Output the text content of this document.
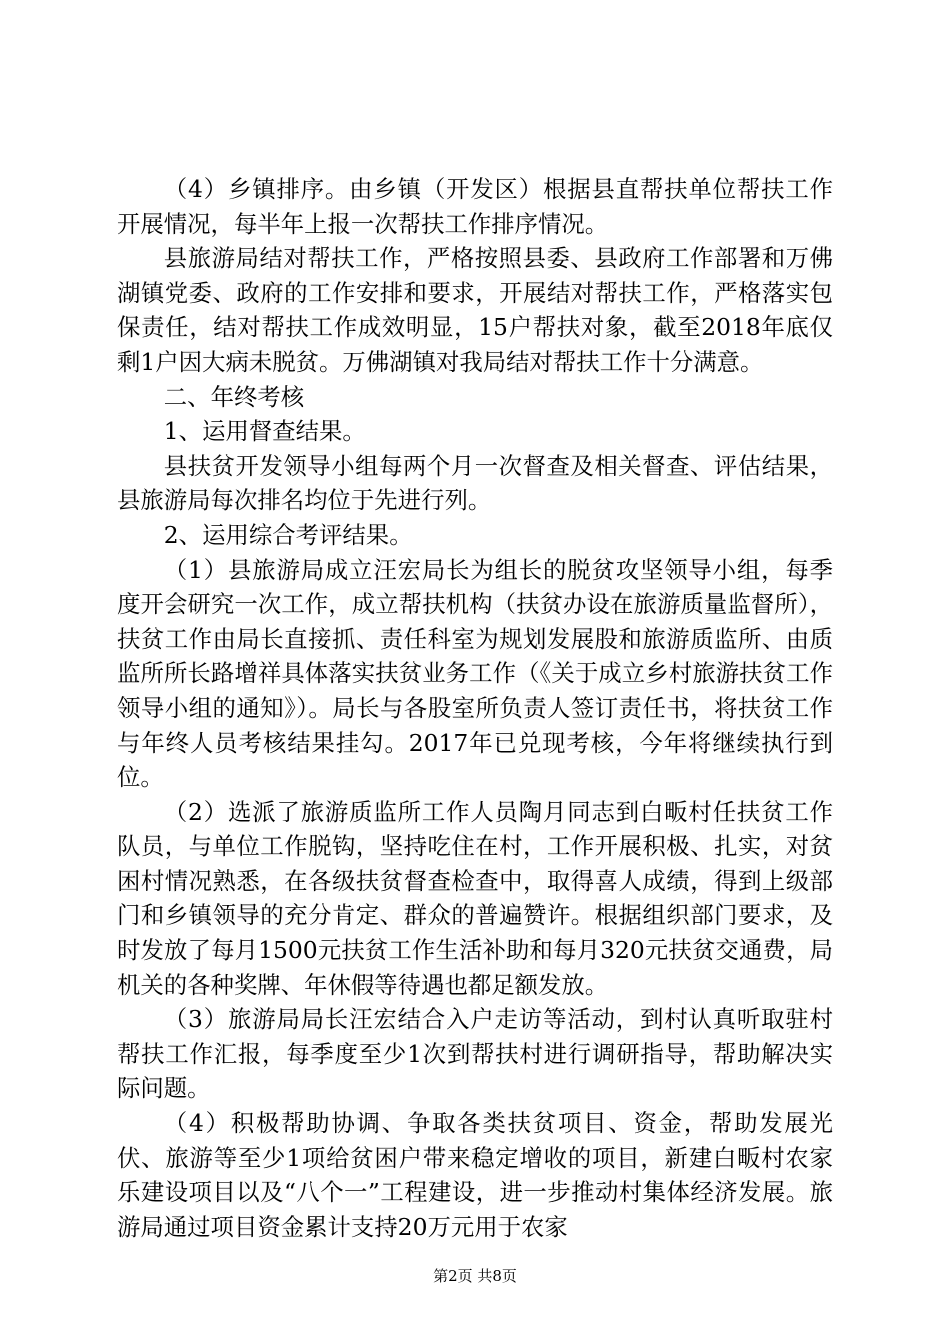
（4）乡镇排序。由乡镇（开发区）根据县直帮扶单位帮扶工作开展情况，每半年上报一次帮扶工作排序情况。

县旅游局结对帮扶工作，严格按照县委、县政府工作部署和万佛湖镇党委、政府的工作安排和要求，开展结对帮扶工作，严格落实包保责任，结对帮扶工作成效明显，15户帮扶对象，截至2018年底仅剩1户因大病未脱贫。万佛湖镇对我局结对帮扶工作十分满意。

二、年终考核

1、运用督查结果。

县扶贫开发领导小组每两个月一次督查及相关督查、评估结果，县旅游局每次排名均位于先进行列。

2、运用综合考评结果。

（1）县旅游局成立汪宏局长为组长的脱贫攻坚领导小组，每季度开会研究一次工作，成立帮扶机构（扶贫办设在旅游质量监督所），扶贫工作由局长直接抓、责任科室为规划发展股和旅游质监所、由质监所所长路增祥具体落实扶贫业务工作（《关于成立乡村旅游扶贫工作领导小组的通知》）。局长与各股室所负责人签订责任书，将扶贫工作与年终人员考核结果挂勾。2017年已兑现考核，今年将继续执行到位。

（2）选派了旅游质监所工作人员陶月同志到白畈村任扶贫工作队员，与单位工作脱钩，坚持吃住在村，工作开展积极、扎实，对贫困村情况熟悉，在各级扶贫督查检查中，取得喜人成绩，得到上级部门和乡镇领导的充分肯定、群众的普遍赞许。根据组织部门要求，及时发放了每月1500元扶贫工作生活补助和每月320元扶贫交通费，局机关的各种奖牌、年休假等待遇也都足额发放。

（3）旅游局局长汪宏结合入户走访等活动，到村认真听取驻村帮扶工作汇报，每季度至少1次到帮扶村进行调研指导，帮助解决实际问题。

（4）积极帮助协调、争取各类扶贫项目、资金，帮助发展光伏、旅游等至少1项给贫困户带来稳定增收的项目，新建白畈村农家乐建设项目以及“八个一”工程建设，进一步推动村集体经济发展。旅游局通过项目资金累计支持20万元用于农家

第2页 共8页
